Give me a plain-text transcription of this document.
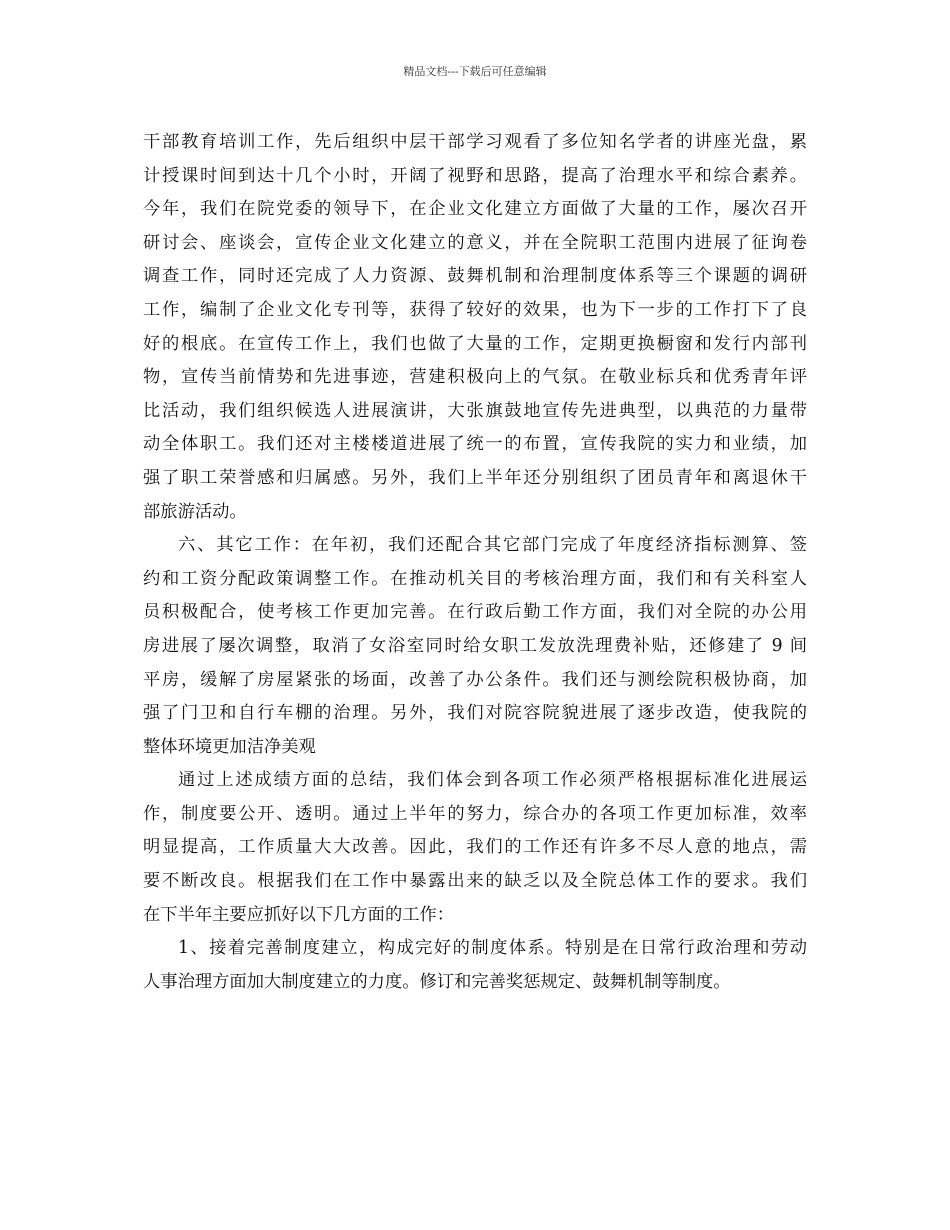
精品文档---下载后可任意编辑
干部教育培训工作，先后组织中层干部学习观看了多位知名学者的讲座光盘，累
计授课时间到达十几个小时，开阔了视野和思路，提高了治理水平和综合素养。
今年，我们在院党委的领导下，在企业文化建立方面做了大量的工作，屡次召开
研讨会、座谈会，宣传企业文化建立的意义，并在全院职工范围内进展了征询卷
调查工作，同时还完成了人力资源、鼓舞机制和治理制度体系等三个课题的调研
工作，编制了企业文化专刊等，获得了较好的效果，也为下一步的工作打下了良
好的根底。在宣传工作上，我们也做了大量的工作，定期更换橱窗和发行内部刊
物，宣传当前情势和先进事迹，营建积极向上的气氛。在敬业标兵和优秀青年评
比活动，我们组织候选人进展演讲，大张旗鼓地宣传先进典型，以典范的力量带
动全体职工。我们还对主楼楼道进展了统一的布置，宣传我院的实力和业绩，加
强了职工荣誉感和归属感。另外，我们上半年还分别组织了团员青年和离退休干
部旅游活动。
六、其它工作：在年初，我们还配合其它部门完成了年度经济指标测算、签
约和工资分配政策调整工作。在推动机关目的考核治理方面，我们和有关科室人
员积极配合，使考核工作更加完善。在行政后勤工作方面，我们对全院的办公用
房进展了屡次调整，取消了女浴室同时给女职工发放洗理费补贴，还修建了 9 间
平房，缓解了房屋紧张的场面，改善了办公条件。我们还与测绘院积极协商，加
强了门卫和自行车棚的治理。另外，我们对院容院貌进展了逐步改造，使我院的
整体环境更加洁净美观
通过上述成绩方面的总结，我们体会到各项工作必须严格根据标准化进展运
作，制度要公开、透明。通过上半年的努力，综合办的各项工作更加标准，效率
明显提高，工作质量大大改善。因此，我们的工作还有许多不尽人意的地点，需
要不断改良。根据我们在工作中暴露出来的缺乏以及全院总体工作的要求。我们
在下半年主要应抓好以下几方面的工作：
1、接着完善制度建立，构成完好的制度体系。特别是在日常行政治理和劳动
人事治理方面加大制度建立的力度。修订和完善奖惩规定、鼓舞机制等制度。
